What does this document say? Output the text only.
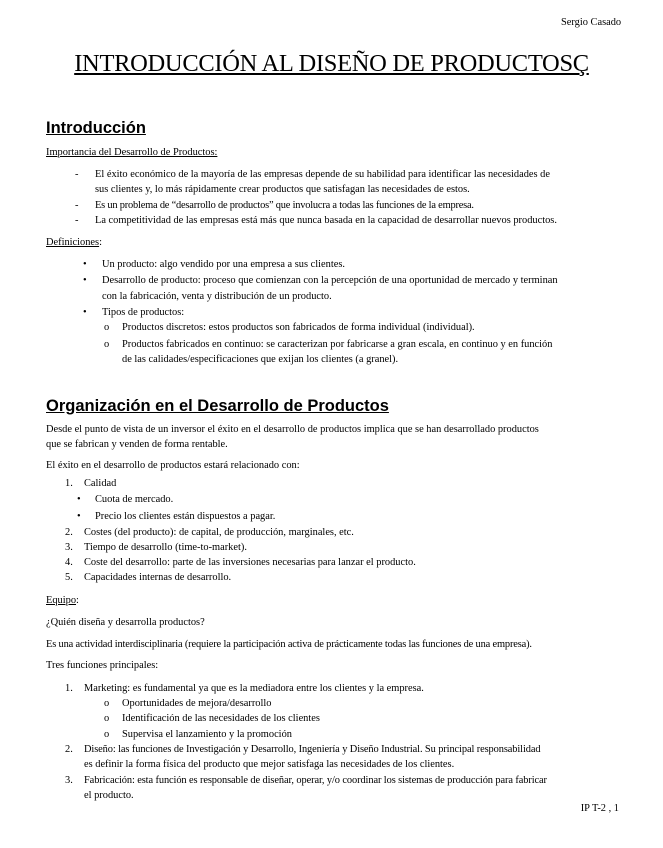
Sergio Casado
INTRODUCCIÓN AL DISEÑO DE PRODUCTOSÇ
Introducción
Importancia del Desarrollo de Productos:
- El éxito económico de la mayoría de las empresas depende de su habilidad para identificar las necesidades de
sus clientes y, lo más rápidamente crear productos que satisfagan las necesidades de estos.
- Es un problema de “desarrollo de productos” que involucra a todas las funciones de la empresa.
- La competitividad de las empresas está más que nunca basada en la capacidad de desarrollar nuevos productos.
Definiciones:
• Un producto: algo vendido por una empresa a sus clientes.
• Desarrollo de producto: proceso que comienzan con la percepción de una oportunidad de mercado y terminan
con la fabricación, venta y distribución de un producto.
• Tipos de productos:
o Productos discretos: estos productos son fabricados de forma individual (individual).
o Productos fabricados en continuo: se caracterizan por fabricarse a gran escala, en continuo y en función
de las calidades/especificaciones que exijan los clientes (a granel).
Organización en el Desarrollo de Productos
Desde el punto de vista de un inversor el éxito en el desarrollo de productos implica que se han desarrollado productos
que se fabrican y venden de forma rentable.
El éxito en el desarrollo de productos estará relacionado con:
1. Calidad
• Cuota de mercado.
• Precio los clientes están dispuestos a pagar.
2. Costes (del producto): de capital, de producción, marginales, etc.
3. Tiempo de desarrollo (time-to-market).
4. Coste del desarrollo: parte de las inversiones necesarias para lanzar el producto.
5. Capacidades internas de desarrollo.
Equipo:
¿Quién diseña y desarrolla productos?
Es una actividad interdisciplinaria (requiere la participación activa de prácticamente todas las funciones de una empresa).
Tres funciones principales:
1. Marketing: es fundamental ya que es la mediadora entre los clientes y la empresa.
o Oportunidades de mejora/desarrollo
o Identificación de las necesidades de los clientes
o Supervisa el lanzamiento y la promoción
2. Diseño: las funciones de Investigación y Desarrollo, Ingeniería y Diseño Industrial. Su principal responsabilidad
es definir la forma física del producto que mejor satisfaga las necesidades de los clientes.
3. Fabricación: esta función es responsable de diseñar, operar, y/o coordinar los sistemas de producción para fabricar
el producto.
IP T-2 , 1
